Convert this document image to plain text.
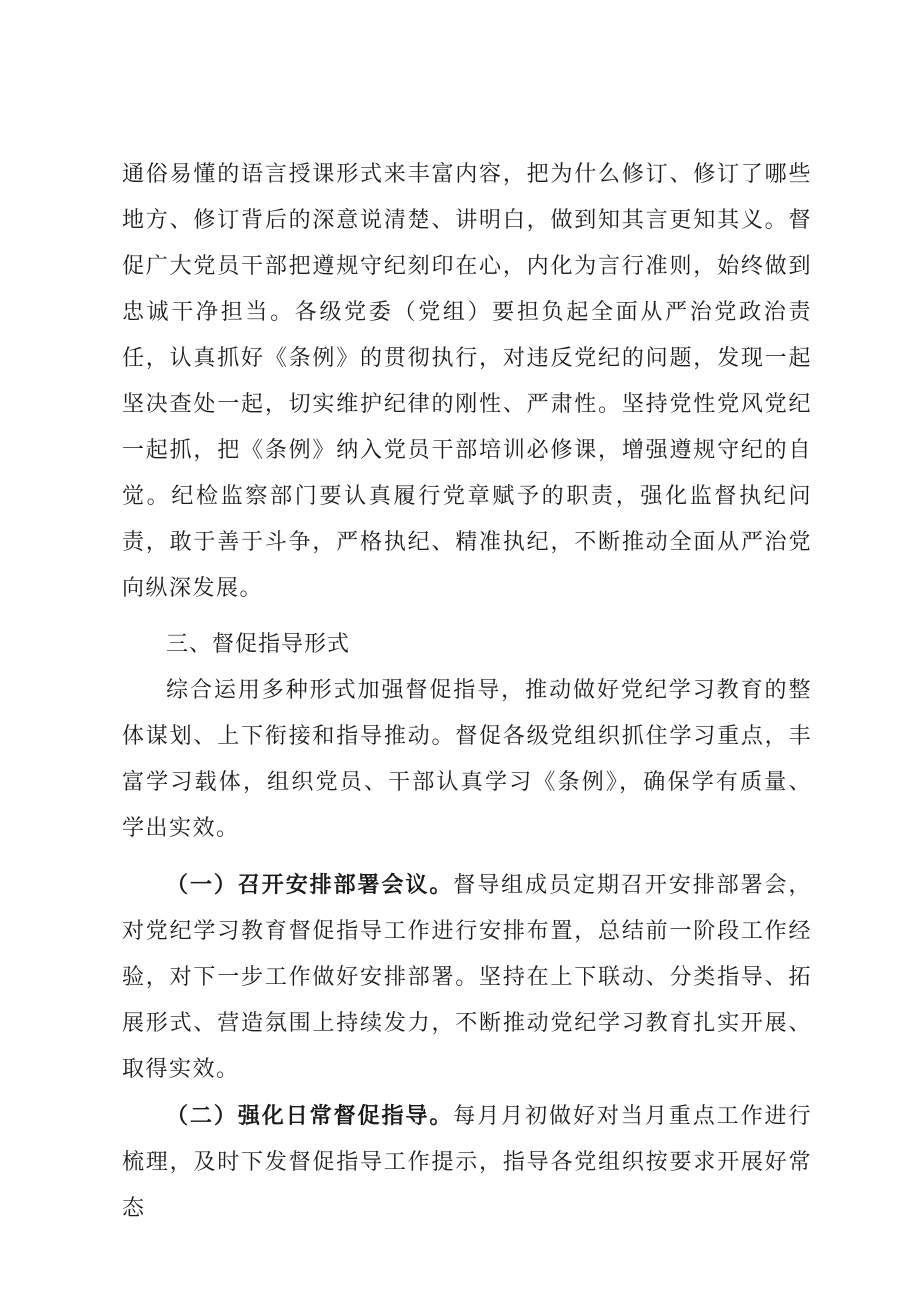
通俗易懂的语言授课形式来丰富内容，把为什么修订、修订了哪些地方、修订背后的深意说清楚、讲明白，做到知其言更知其义。督促广大党员干部把遵规守纪刻印在心，内化为言行准则，始终做到忠诚干净担当。各级党委（党组）要担负起全面从严治党政治责任，认真抓好《条例》的贯彻执行，对违反党纪的问题，发现一起坚决查处一起，切实维护纪律的刚性、严肃性。坚持党性党风党纪一起抓，把《条例》纳入党员干部培训必修课，增强遵规守纪的自觉。纪检监察部门要认真履行党章赋予的职责，强化监督执纪问责，敢于善于斗争，严格执纪、精准执纪，不断推动全面从严治党向纵深发展。

三、督促指导形式

综合运用多种形式加强督促指导，推动做好党纪学习教育的整体谋划、上下衔接和指导推动。督促各级党组织抓住学习重点，丰富学习载体，组织党员、干部认真学习《条例》，确保学有质量、学出实效。

（一）召开安排部署会议。督导组成员定期召开安排部署会，对党纪学习教育督促指导工作进行安排布置，总结前一阶段工作经验，对下一步工作做好安排部署。坚持在上下联动、分类指导、拓展形式、营造氛围上持续发力，不断推动党纪学习教育扎实开展、取得实效。

（二）强化日常督促指导。每月月初做好对当月重点工作进行梳理，及时下发督促指导工作提示，指导各党组织按要求开展好常态
